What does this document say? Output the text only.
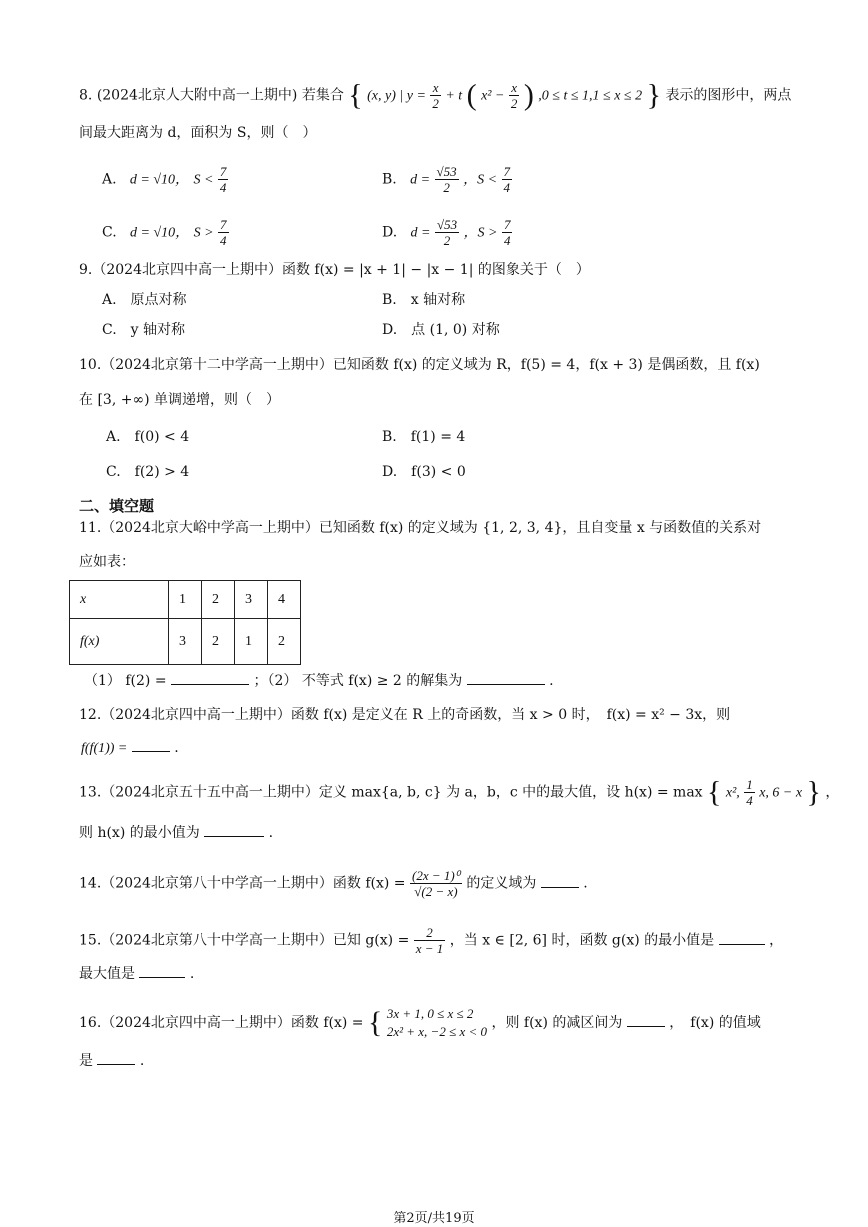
8. (2024北京人大附中高一上期中) 若集合 { (x, y) | $y = \frac{x}{2} + t$ ( $x^2 - \frac{x}{2}$ ) ,0 ≤ t ≤ 1,1 ≤ x ≤ 2 } 表示的图形中，两点
间最大距离为 d，面积为 S，则（　）
A. d = √10， $S < \frac{7}{4}$	B. $d = \frac{√53}{2}$ ，$S < \frac{7}{4}$
C. d = √10， $S > \frac{7}{4}$	D. $d = \frac{√53}{2}$ ，$S > \frac{7}{4}$
9.（2024北京四中高一上期中）函数 f(x) = |x + 1| − |x − 1| 的图象关于（　）
A.　原点对称	B.　x 轴对称
C.　y 轴对称	D.　点 (1, 0) 对称
10.（2024北京第十二中学高一上期中）已知函数 f(x) 的定义域为 R，f(5) = 4，f(x + 3) 是偶函数，且 f(x)
在 [3, +∞) 单调递增，则（　）
A.　f(0) < 4	B.　f(1) = 4
C.　f(2) > 4	D.　f(3) < 0
二、填空题
11.（2024北京大峪中学高一上期中）已知函数 f(x) 的定义域为 {1, 2, 3, 4}，且自变量 x 与函数值的关系对
应如表：
x	1	2	3	4
f(x)	3	2	1	2
（1） f(2) =	；（2） 不等式 f(x) ≥ 2 的解集为	.
12.（2024北京四中高一上期中）函数 f(x) 是定义在 R 上的奇函数，当 x > 0 时，　f(x) = x² − 3x，则
f(f(1)) =	.
13.（2024北京五十五中高一上期中）定义 max{a, b, c} 为 a，b，c 中的最大值，设 h(x) = max { x², $\frac{1}{4} x$, 6 − x } ，
则 h(x) 的最小值为	.
14.（2024北京第八十中学高一上期中）函数 $f(x) = \frac{\text{(2x − 1)⁰}}{√(2 - x)}$ 的定义域为	.
15.（2024北京第八十中学高一上期中）已知 $g(x) = \frac{2}{x - 1}$ ，当 x ∈ [2, 6] 时，函数 g(x) 的最小值是	，
最大值是	.
16.（2024北京四中高一上期中）函数 f(x) = { 3x + 1, 0 ≤ x ≤ 2
2x² + x, −2 ≤ x < 0
，则 f(x) 的减区间为	，　f(x) 的值域
是	.
第2页/共19页
